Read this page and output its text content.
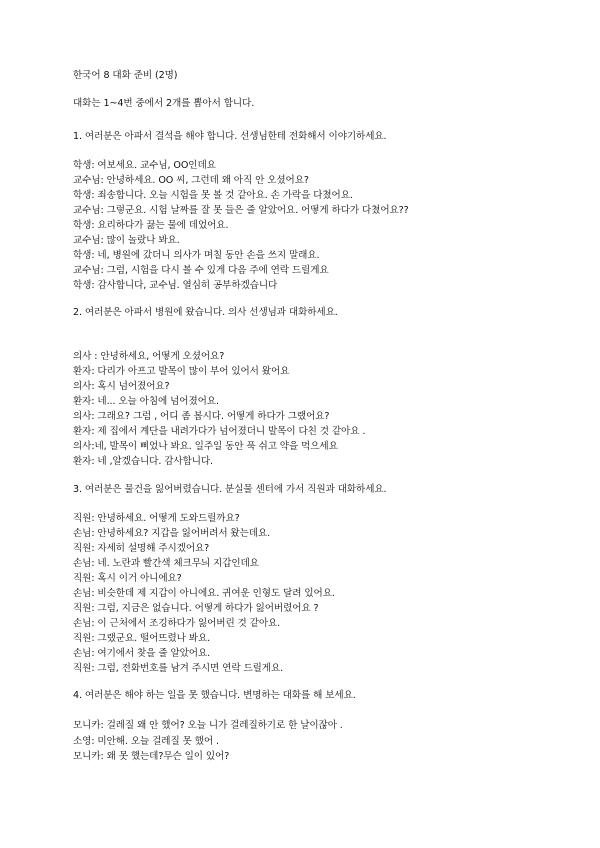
한국어 8 대화 준비 (2명)
대화는 1~4번 중에서 2개를 뽑아서 합니다.
1. 여러분은 아파서 결석을 해야 합니다. 선생님한테 전화해서 이야기하세요.
학생: 여보세요. 교수님, OO인데요
교수님: 안녕하세요. OO 씨, 그런데 왜 아직 안 오셨어요?
학생: 죄송합니다. 오늘 시험을 못 볼 것 같아요. 손 가락을 다쳤어요.
교수님: 그렇군요. 시험 날짜를 잘 못 들은 줄 알았어요. 어떻게 하다가 다쳤어요??
학생: 요리하다가 끓는 물에 데었어요.
교수님: 많이 놀랐나 봐요.
학생: 네, 병원에 갔더니 의사가 며칠 동안 손을 쓰지 말래요.
교수님: 그럼, 시험을 다시 볼 수 있게 다음 주에 연락 드릴게요
학생: 감사합니다, 교수님. 열심히 공부하겠습니다
2. 여러분은 아파서 병원에 왔습니다. 의사 선생님과 대화하세요.
의사 : 안녕하세요, 어떻게 오셨어요?
환자: 다리가 아프고 발목이 많이 부어 있어서 왔어요
의사: 혹시 넘어졌어요?
환자: 네... 오늘 아침에 넘어졌어요.
의사: 그래요? 그럼 , 어디 좀 봅시다. 어떻게 하다가 그랬어요?
환자: 제 집에서 계단을 내려가다가 넘어졌더니 발목이 다친 것 같아요 .
의사:네, 발목이 삐었나 봐요. 일주일 동안 푹 쉬고 약을 먹으세요
환자: 네 ,알겠습니다. 감사합니다.
3. 여러분은 물건을 잃어버렸습니다. 분실물 센터에 가서 직원과 대화하세요.
직원: 안녕하세요. 어떻게 도와드릴까요?
손님: 안녕하세요? 지갑을 잃어버려서 왔는데요.
직원: 자세히 설명해 주시겠어요?
손님: 네. 노란과 빨간색 체크무늬 지갑인데요
직원: 혹시 이거 아니에요?
손님: 비슷한데 제 지갑이 아니에요. 귀여운 인형도 달려 있어요.
직원: 그럼, 지금은 없습니다. 어떻게 하다가 잃어버렸어요 ?
손님: 이 근처에서 조깅하다가 잃어버린 것 같아요.
직원: 그랬군요. 떨어뜨렸나 봐요.
손님: 여기에서 찾을 줄 알았어요.
직원: 그럼, 전화번호를 남겨 주시면 연락 드릴게요.
4. 여러분은 해야 하는 일을 못 했습니다. 변명하는 대화를 해 보세요.
모니카: 걸레질 왜 안 했어? 오늘 니가 걸레질하기로 한 날이잖아 .
소영: 미안해. 오늘 걸레질 못 했어 .
모니카: 왜 못 했는데?무슨 일이 있어?
